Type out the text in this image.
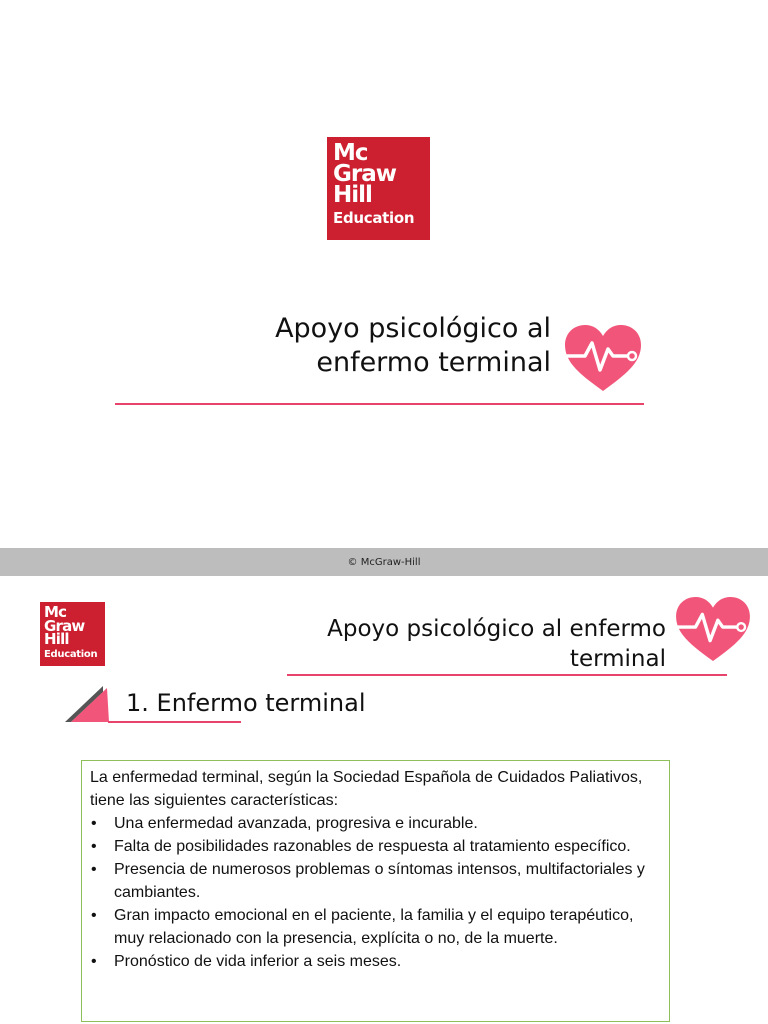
Mc
Graw
Hill
Education
Apoyo psicológico al
enfermo terminal
© McGraw-Hill
Mc
Graw
Hill
Education
Apoyo psicológico al enfermo
terminal
1. Enfermo terminal

La enfermedad terminal, según la Sociedad Española de Cuidados Paliativos, tiene las siguientes características:

• Una enfermedad avanzada, progresiva e incurable.
• Falta de posibilidades razonables de respuesta al tratamiento específico.
• Presencia de numerosos problemas o síntomas intensos, multifactoriales y cambiantes.
• Gran impacto emocional en el paciente, la familia y el equipo terapéutico, muy relacionado con la presencia, explícita o no, de la muerte.
• Pronóstico de vida inferior a seis meses.
